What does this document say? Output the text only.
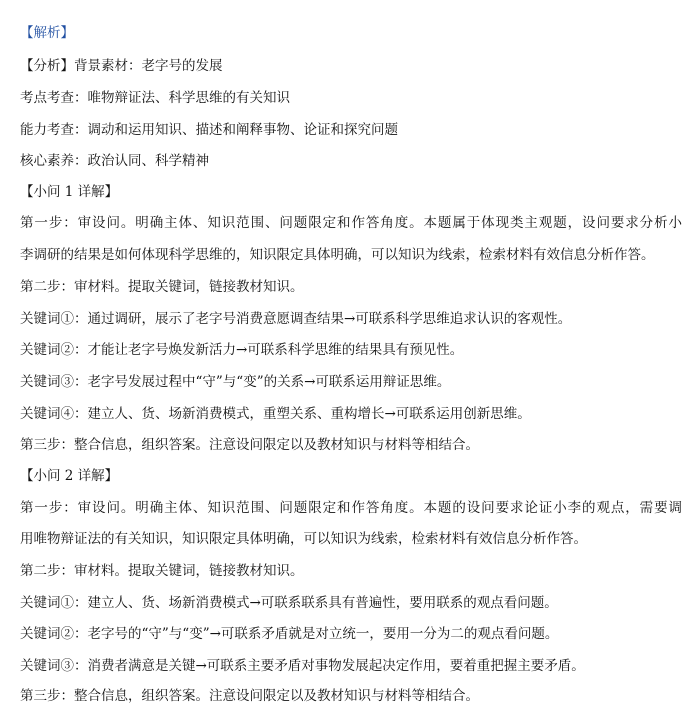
【解析】
【分析】背景素材：老字号的发展
考点考查：唯物辩证法、科学思维的有关知识
能力考查：调动和运用知识、描述和阐释事物、论证和探究问题
核心素养：政治认同、科学精神
【小问 1 详解】
第一步：审设问。明确主体、知识范围、问题限定和作答角度。本题属于体现类主观题，设问要求分析小
李调研的结果是如何体现科学思维的，知识限定具体明确，可以知识为线索，检索材料有效信息分析作答。
第二步：审材料。提取关键词，链接教材知识。
关键词①：通过调研，展示了老字号消费意愿调查结果→可联系科学思维追求认识的客观性。
关键词②：才能让老字号焕发新活力→可联系科学思维的结果具有预见性。
关键词③：老字号发展过程中“守”与“变”的关系→可联系运用辩证思维。
关键词④：建立人、货、场新消费模式，重塑关系、重构增长→可联系运用创新思维。
第三步：整合信息，组织答案。注意设问限定以及教材知识与材料等相结合。
【小问 2 详解】
第一步：审设问。明确主体、知识范围、问题限定和作答角度。本题的设问要求论证小李的观点，需要调
用唯物辩证法的有关知识，知识限定具体明确，可以知识为线索，检索材料有效信息分析作答。
第二步：审材料。提取关键词，链接教材知识。
关键词①：建立人、货、场新消费模式→可联系联系具有普遍性，要用联系的观点看问题。
关键词②：老字号的“守”与“变”→可联系矛盾就是对立统一，要用一分为二的观点看问题。
关键词③：消费者满意是关键→可联系主要矛盾对事物发展起决定作用，要着重把握主要矛盾。
第三步：整合信息，组织答案。注意设问限定以及教材知识与材料等相结合。
